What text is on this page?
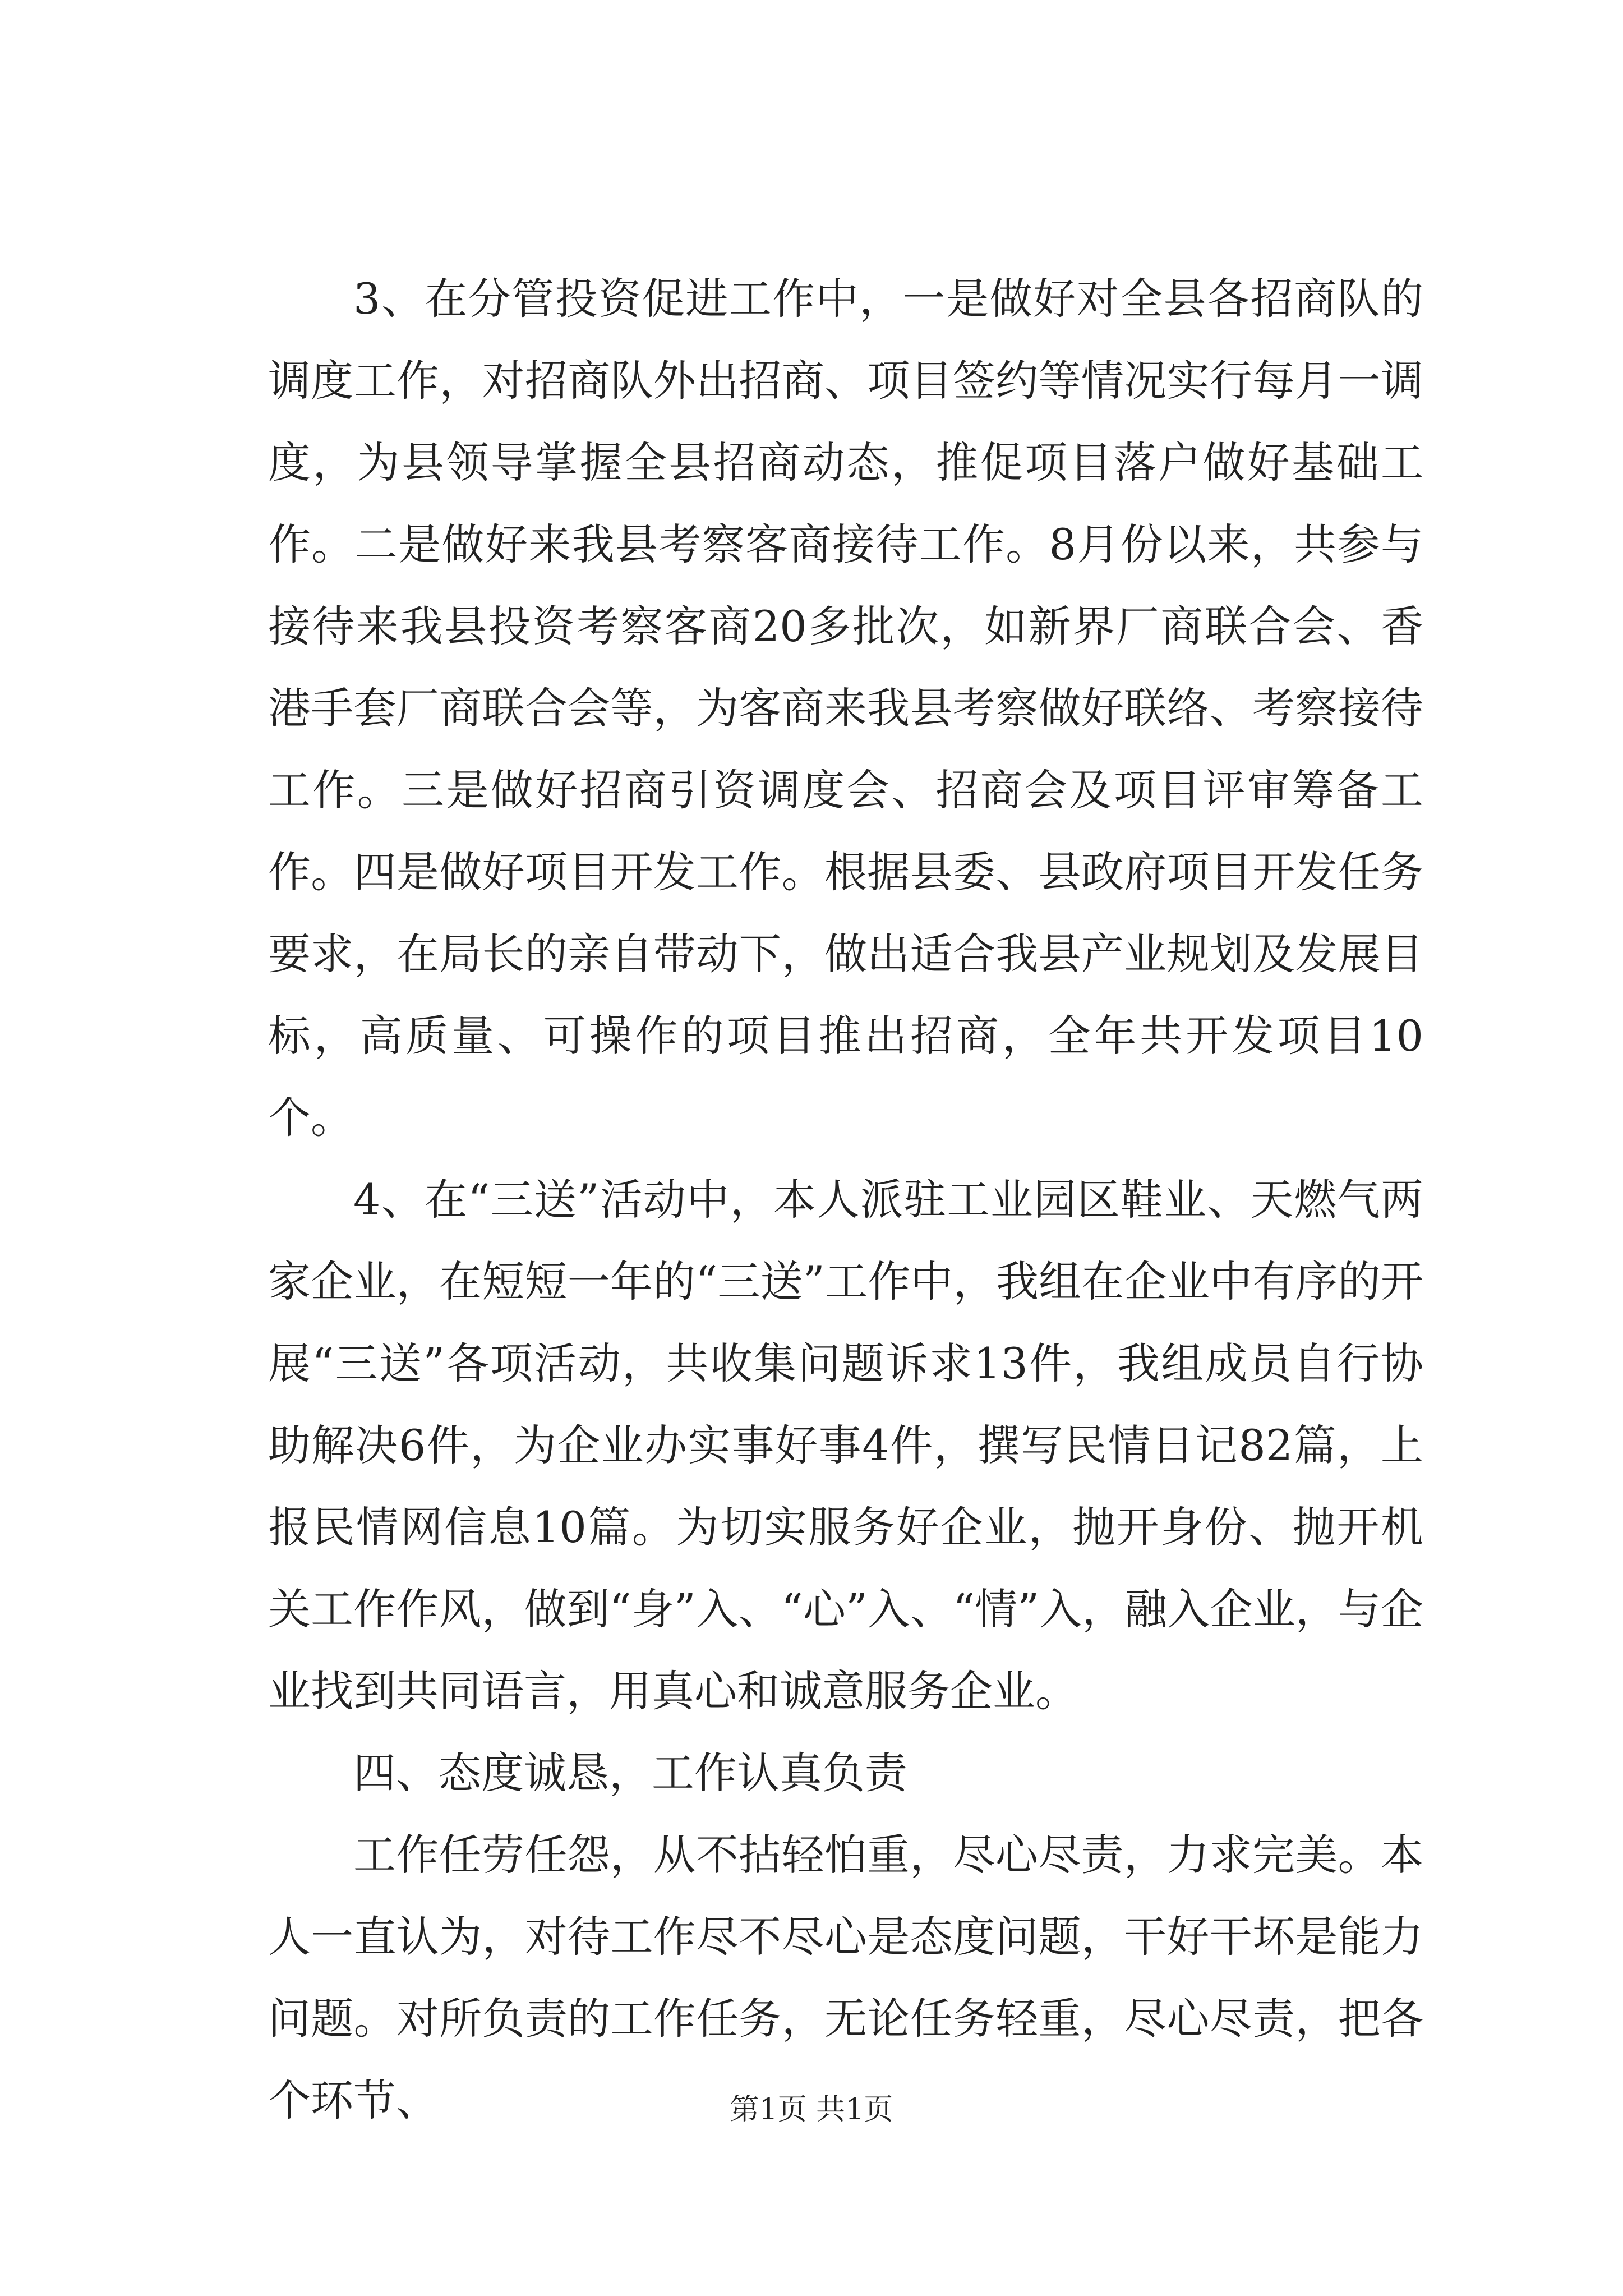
3、在分管投资促进工作中，一是做好对全县各招商队的调度工作，对招商队外出招商、项目签约等情况实行每月一调度，为县领导掌握全县招商动态，推促项目落户做好基础工作。二是做好来我县考察客商接待工作。8月份以来，共参与接待来我县投资考察客商20多批次，如新界厂商联合会、香港手套厂商联合会等，为客商来我县考察做好联络、考察接待工作。三是做好招商引资调度会、招商会及项目评审筹备工作。四是做好项目开发工作。根据县委、县政府项目开发任务要求，在局长的亲自带动下，做出适合我县产业规划及发展目标，高质量、可操作的项目推出招商，全年共开发项目10个。

4、在“三送”活动中，本人派驻工业园区鞋业、天燃气两家企业，在短短一年的“三送”工作中，我组在企业中有序的开展“三送”各项活动，共收集问题诉求13件，我组成员自行协助解决6件，为企业办实事好事4件，撰写民情日记82篇，上报民情网信息10篇。为切实服务好企业，抛开身份、抛开机关工作作风，做到“身”入、“心”入、“情”入，融入企业，与企业找到共同语言，用真心和诚意服务企业。

四、态度诚恳，工作认真负责

工作任劳任怨，从不拈轻怕重，尽心尽责，力求完美。本人一直认为，对待工作尽不尽心是态度问题，干好干坏是能力问题。对所负责的工作任务，无论任务轻重，尽心尽责，把各个环节、	第1页 共1页
